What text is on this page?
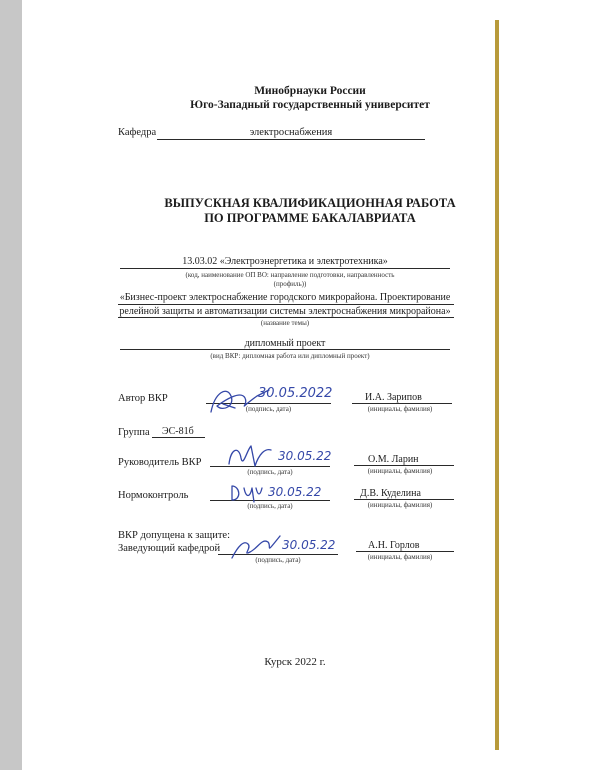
Минобрнауки России
Юго-Западный государственный университет
Кафедра	электроснабжения
ВЫПУСКНАЯ КВАЛИФИКАЦИОННАЯ РАБОТА
ПО ПРОГРАММЕ БАКАЛАВРИАТА
13.03.02 «Электроэнергетика и электротехника»
(код, наименование ОП ВО: направление подготовки, направленность
(профиль))
«Бизнес-проект электроснабжение городского микрорайона. Проектирование
релейной защиты и автоматизации системы электроснабжения микрорайона»
(название темы)
дипломный проект
(вид ВКР: дипломная работа или дипломный проект)
Автор ВКР
(подпись, дата)
И.А. Зарипов
(инициалы, фамилия)
30.05.2022
Группа ЭС-81б
Руководитель ВКР
(подпись, дата)
О.М. Ларин
(инициалы, фамилия)
30.05.22
Нормоконтроль
(подпись, дата)
Д.В. Куделина
(инициалы, фамилия)
30.05.22
ВКР допущена к защите:
Заведующий кафедрой
(подпись, дата)
А.Н. Горлов
(инициалы, фамилия)
30.05.22
Курск 2022 г.
